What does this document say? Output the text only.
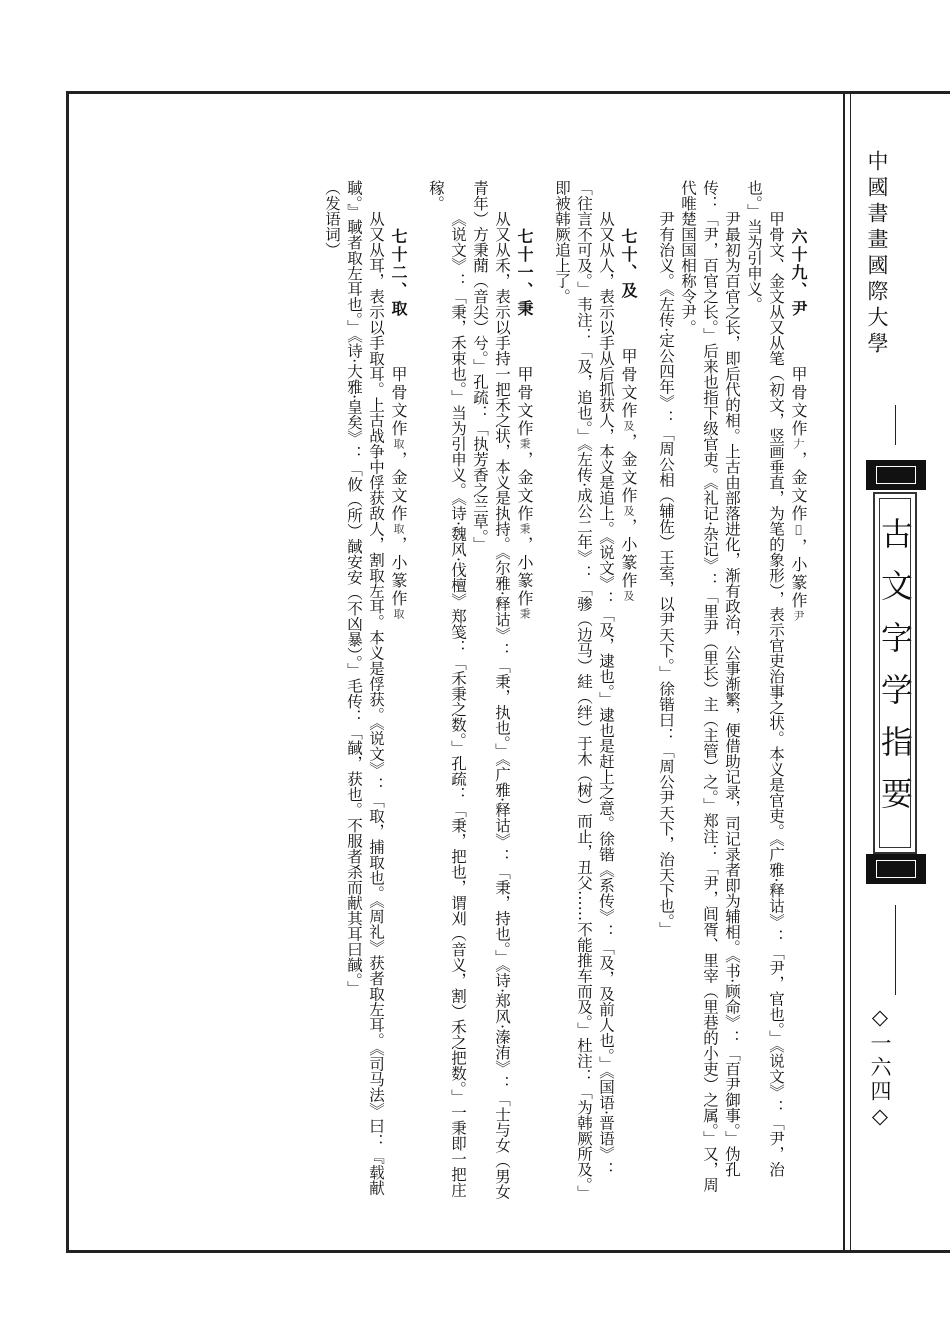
六十九、尹 甲骨文作𠂇，金文作𠃧，小篆作尹

甲骨文、金文从又从笔（初文，竖画垂直，为笔的象形），表示官吏治事之状。本义是官吏。《广雅·释诂》：「尹，官也。」《说文》：「尹，治也。」当为引申义。

尹最初为百官之长，即后代的相。上古由部落进化，渐有政治，公事渐繁，便借助记录，司记录者即为辅相。《书·顾命》：「百尹御事。」伪孔传：「尹，百官之长。」后来也指下级官吏。《礼记·杂记》：「里尹（里长）主（主管）之。」郑注：「尹，闾胥、里宰（里巷的小吏）之属。」又，周代唯楚国国相称令尹。

尹有治义。《左传·定公四年》：「周公相（辅佐）王室，以尹天下。」徐锴曰：「周公尹天下，治天下也。」

七十、及 甲骨文作及，金文作及，小篆作及

从又从人，表示以手从后抓获人，本义是追上。《说文》：「及，逮也。」逮也是赶上之意。徐锴《系传》：「及，及前人也。」《国语·晋语》：「往言不可及。」韦注：「及，追也。」《左传·成公二年》：「骖（边马）絓（绊）于木（树）而止，丑父……不能推车而及。」杜注：「为韩厥所及。」即被韩厥追上了。

七十一、秉 甲骨文作秉，金文作秉，小篆作秉

从又从禾，表示以手持一把禾之状，本义是执持。《尔雅·释诂》：「秉，执也。」《广雅·释诂》：「秉，持也。」《诗·郑风·溱洧》：「士与女（男女青年）方秉蕑（音尖）兮。」孔疏：「执芳香之兰草。」

《说文》：「秉，禾束也。」当为引申义。《诗·魏风·伐檀》郑笺：「禾秉之数。」孔疏：「秉，把也，谓刈（音义，割）禾之把数。」一秉即一把庄稼。

七十二、取 甲骨文作取，金文作取，小篆作取

从又从耳，表示以手取耳。上古战争中俘获敌人，割取左耳。本义是俘获。《说文》：「取，捕取也。《周礼》获者取左耳。《司马法》曰：『载献聝。』聝者取左耳也。」《诗·大雅·皇矣》：「攸（所）馘安安（不凶暴）。」毛传：「馘，获也。不服者杀而献其耳曰馘。」

（发语词）	中國書畫國際大學
古文字学指要
◇一六四◇
